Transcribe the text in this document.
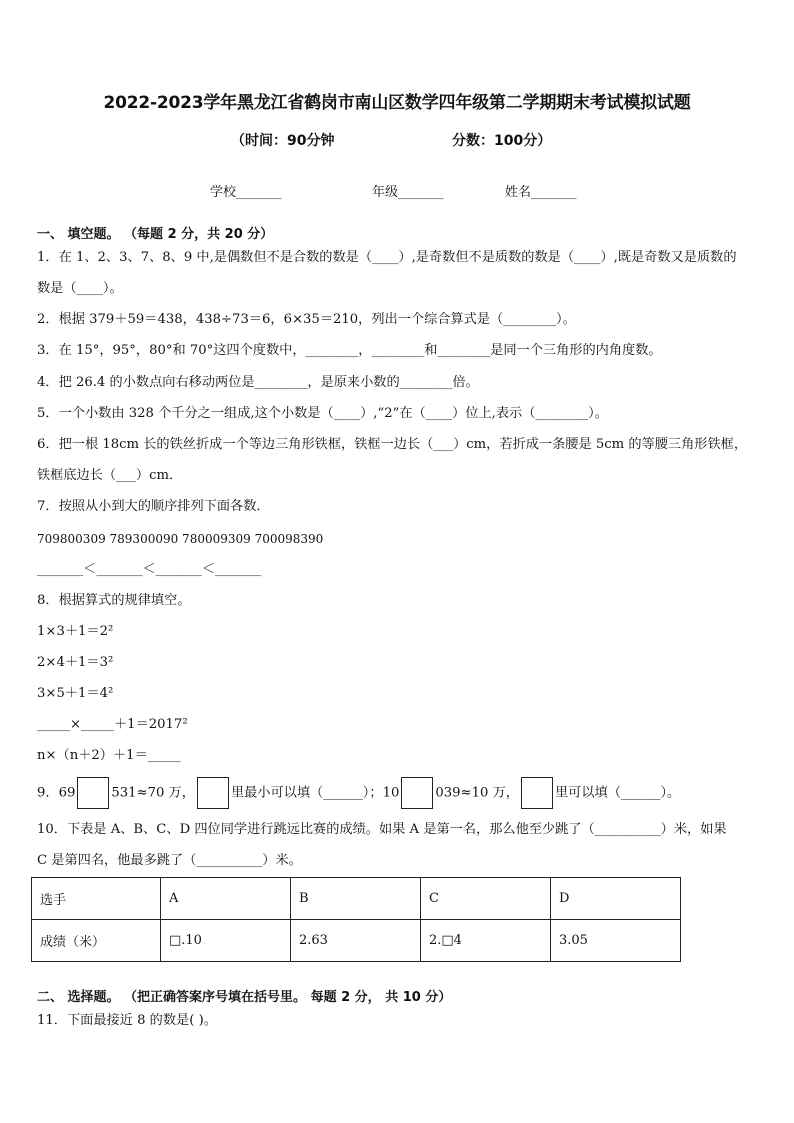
2022-2023学年黑龙江省鹤岗市南山区数学四年级第二学期期末考试模拟试题
（时间：90分钟	分数：100分）
学校_______	年级_______	姓名_______
一、 填空题。 （每题 2 分，共 20 分）
1．在 1、2、3、7、8、9 中,是偶数但不是合数的数是（____）,是奇数但不是质数的数是（____）,既是奇数又是质数的
数是（____）。
2．根据 379＋59＝438，438÷73＝6，6×35＝210，列出一个综合算式是（________）。
3．在 15°，95°，80°和 70°这四个度数中，________，________和________是同一个三角形的内角度数。
4．把 26.4 的小数点向右移动两位是________，是原来小数的________倍。
5．一个小数由 328 个千分之一组成,这个小数是（____）,“2”在（____）位上,表示（________）。
6．把一根 18cm 长的铁丝折成一个等边三角形铁框，铁框一边长（___）cm，若折成一条腰是 5cm 的等腰三角形铁框，
铁框底边长（___）cm．
7．按照从小到大的顺序排列下面各数．
709800309 789300090 780009309 700098390
_______＜_______＜_______＜_______
8．根据算式的规律填空。
1×3＋1＝2²
2×4＋1＝3²
3×5＋1＝4²
_____×_____＋1＝2017²
n×（n＋2）＋1＝_____
9．69	531≈70 万，	里最小可以填（______）；10	039≈10 万，	里可以填（______）。
10．下表是 A、B、C、D 四位同学进行跳远比赛的成绩。如果 A 是第一名，那么他至少跳了（__________）米，如果
C 是第四名，他最多跳了（__________）米。
选手	A	B	C	D
成绩（米）	□.10	2.63	2.□4	3.05
二、 选择题。 （把正确答案序号填在括号里。 每题 2 分， 共 10 分）
11．下面最接近 8 的数是( )。
